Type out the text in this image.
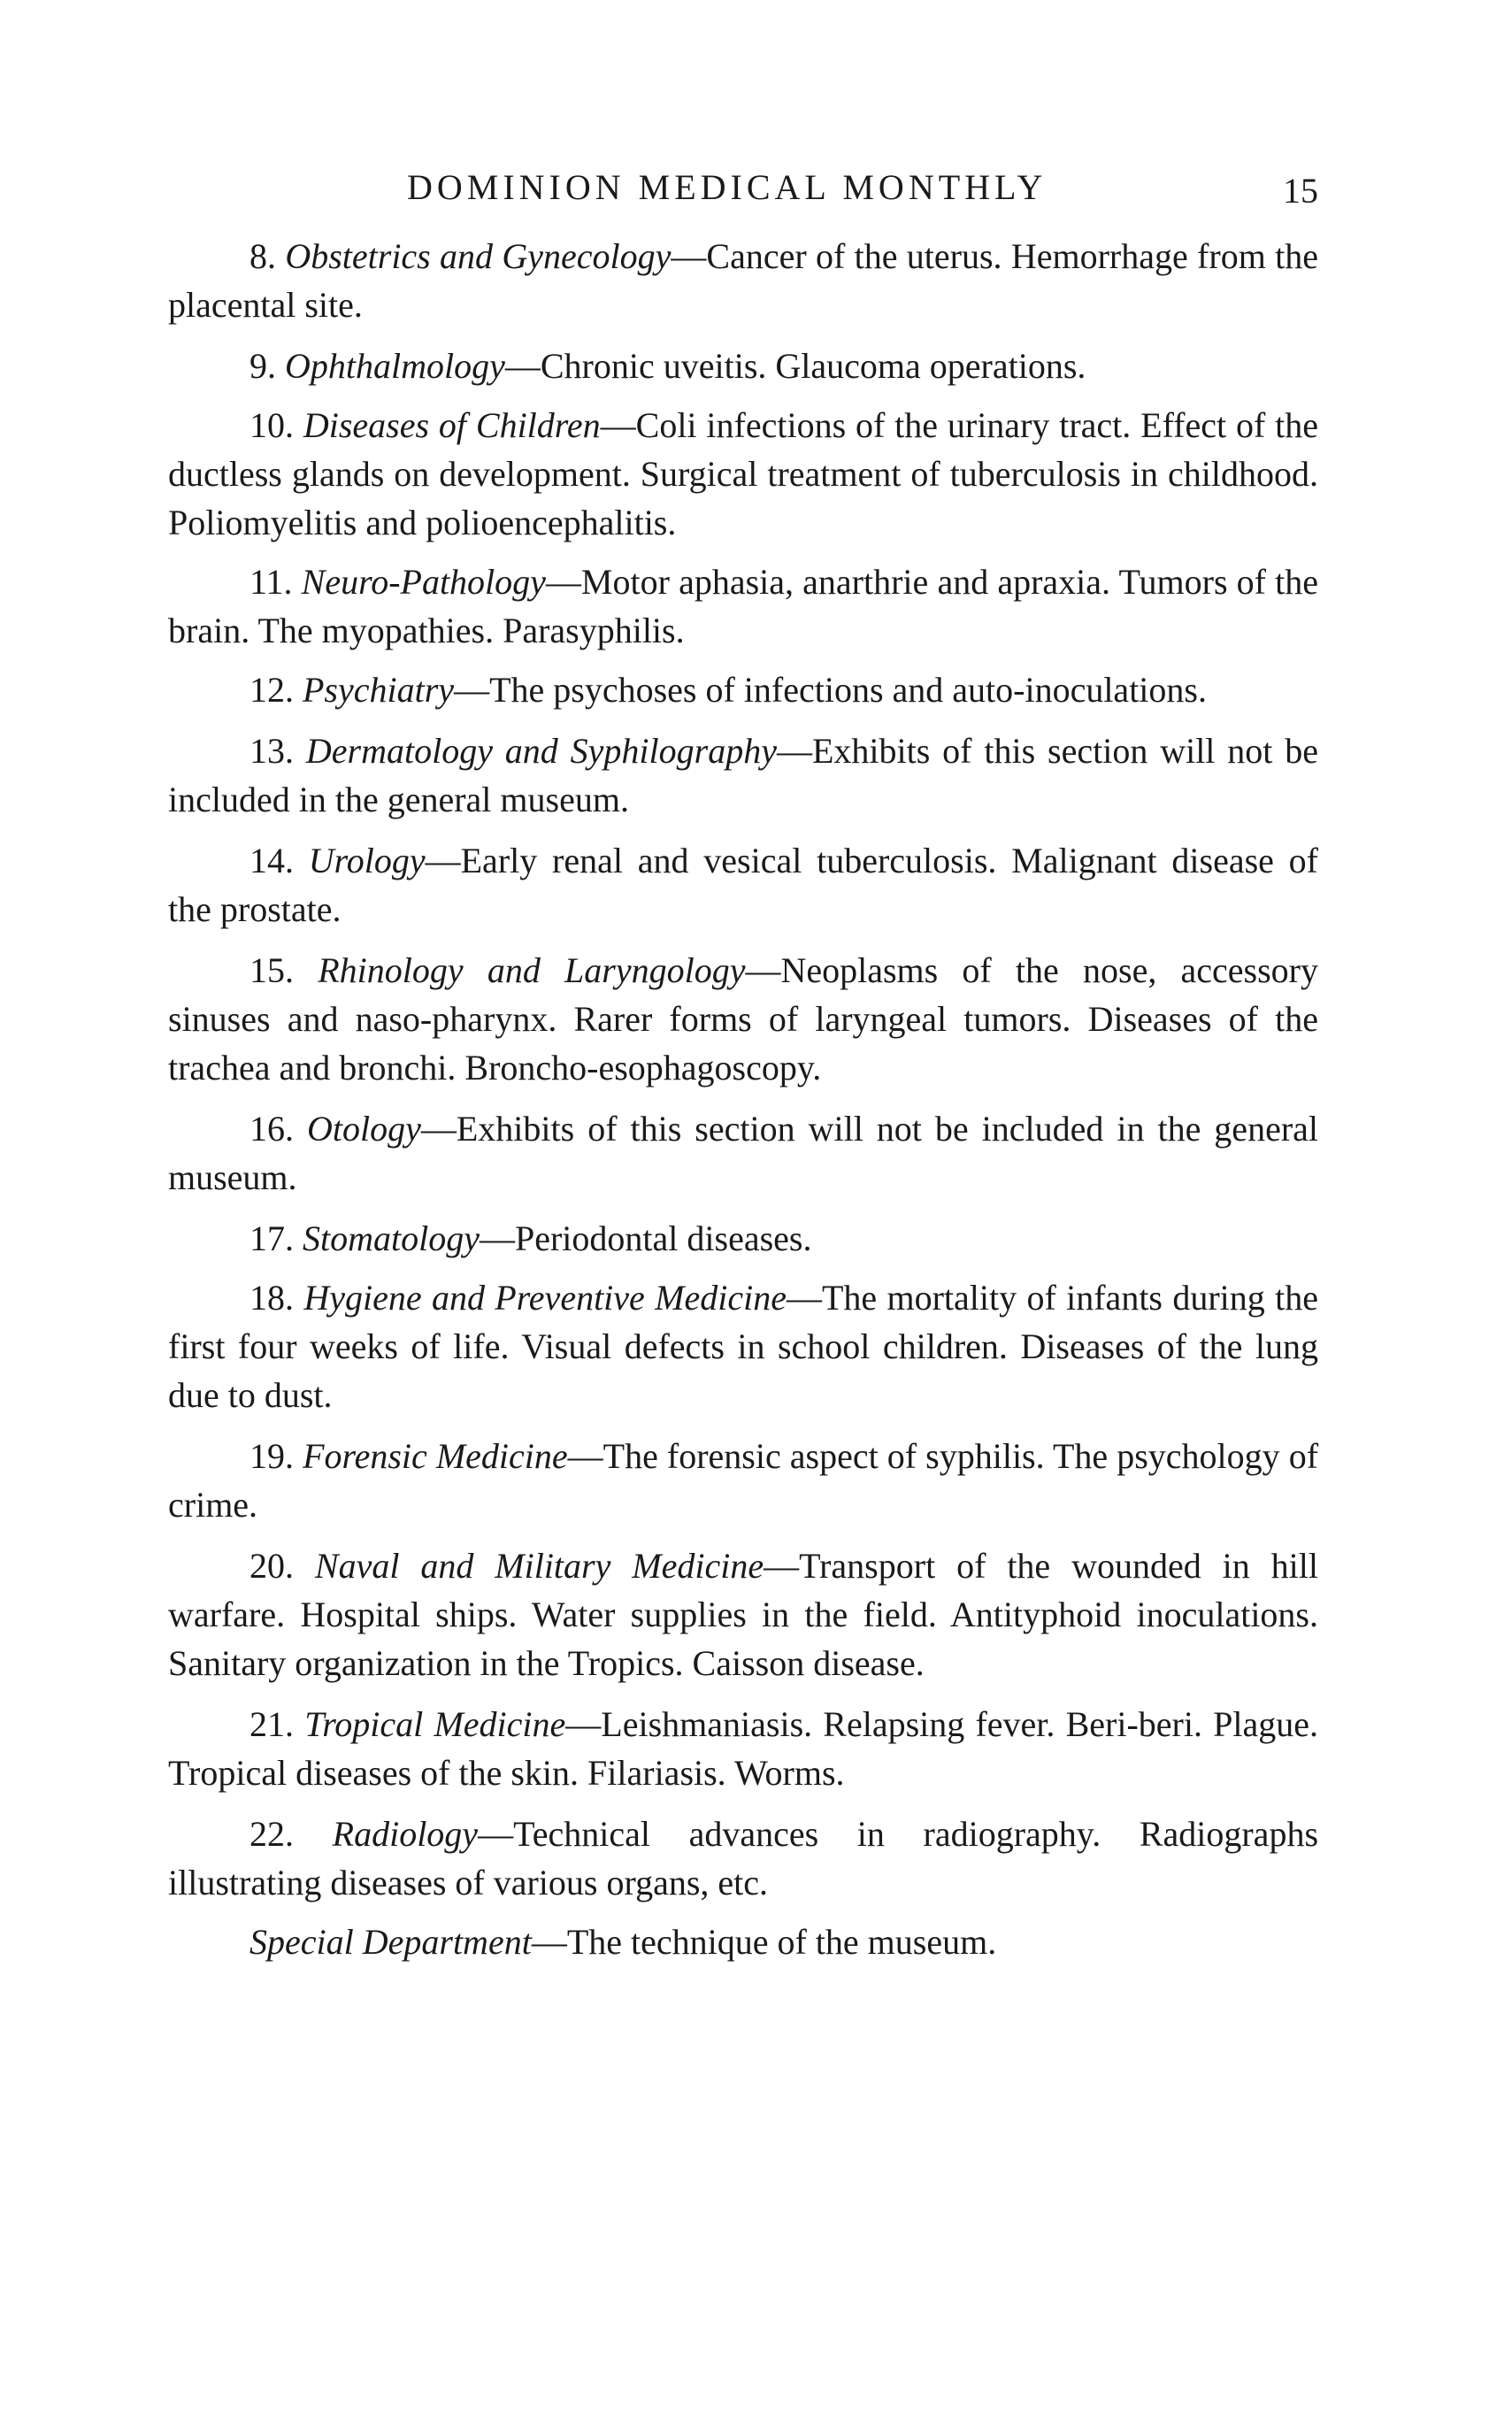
DOMINION MEDICAL MONTHLY	15

8. Obstetrics and Gynecology—Cancer of the uterus. Hemorrhage from the placental site.

9. Ophthalmology—Chronic uveitis. Glaucoma operations.

10. Diseases of Children—Coli infections of the urinary tract. Effect of the ductless glands on development. Surgical treatment of tuberculosis in childhood. Poliomyelitis and polioencephalitis.

11. Neuro-Pathology—Motor aphasia, anarthrie and apraxia. Tumors of the brain. The myopathies. Parasyphilis.

12. Psychiatry—The psychoses of infections and auto-inoculations.

13. Dermatology and Syphilography—Exhibits of this section will not be included in the general museum.

14. Urology—Early renal and vesical tuberculosis. Malignant disease of the prostate.

15. Rhinology and Laryngology—Neoplasms of the nose, accessory sinuses and naso-pharynx. Rarer forms of laryngeal tumors. Diseases of the trachea and bronchi. Broncho-esophagoscopy.

16. Otology—Exhibits of this section will not be included in the general museum.

17. Stomatology—Periodontal diseases.

18. Hygiene and Preventive Medicine—The mortality of infants during the first four weeks of life. Visual defects in school children. Diseases of the lung due to dust.

19. Forensic Medicine—The forensic aspect of syphilis. The psychology of crime.

20. Naval and Military Medicine—Transport of the wounded in hill warfare. Hospital ships. Water supplies in the field. Antityphoid inoculations. Sanitary organization in the Tropics. Caisson disease.

21. Tropical Medicine—Leishmaniasis. Relapsing fever. Beri-beri. Plague. Tropical diseases of the skin. Filariasis. Worms.

22. Radiology—Technical advances in radiography. Radiographs illustrating diseases of various organs, etc.

Special Department—The technique of the museum.
